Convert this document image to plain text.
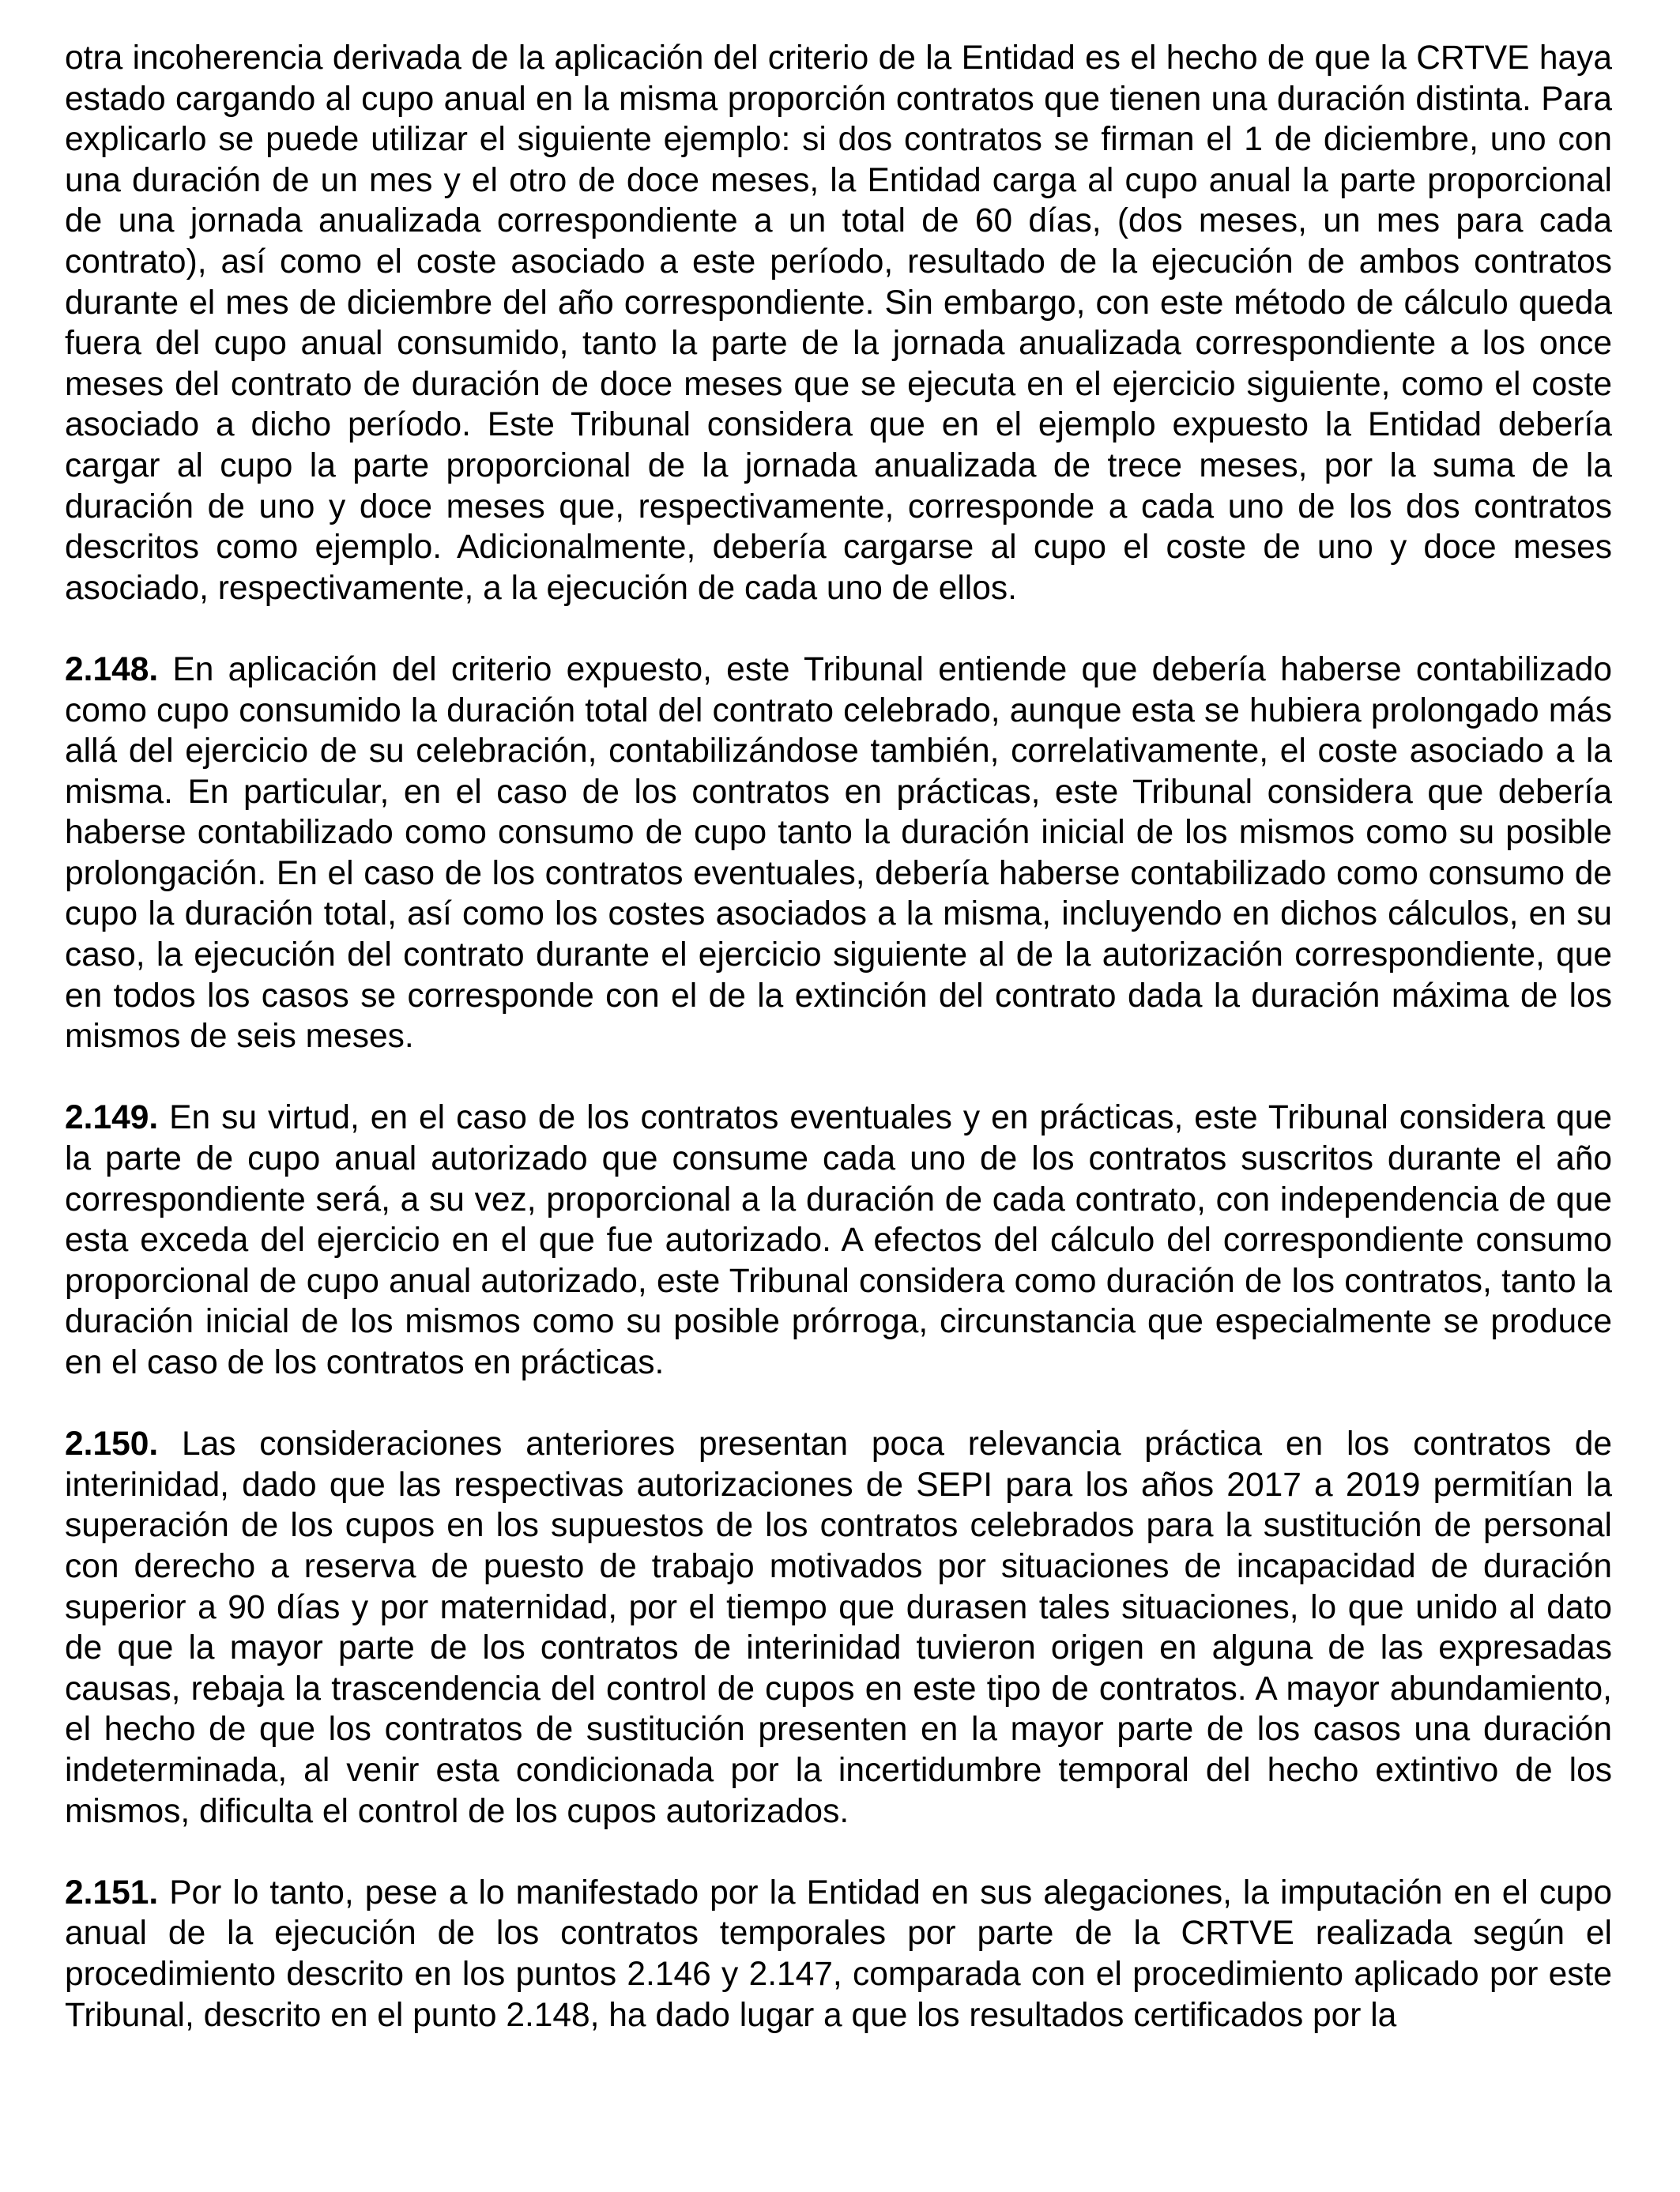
otra incoherencia derivada de la aplicación del criterio de la Entidad es el hecho de que la CRTVE haya estado cargando al cupo anual en la misma proporción contratos que tienen una duración distinta. Para explicarlo se puede utilizar el siguiente ejemplo: si dos contratos se firman el 1 de diciembre, uno con una duración de un mes y el otro de doce meses, la Entidad carga al cupo anual la parte proporcional de una jornada anualizada correspondiente a un total de 60 días, (dos meses, un mes para cada contrato), así como el coste asociado a este período, resultado de la ejecución de ambos contratos durante el mes de diciembre del año correspondiente. Sin embargo, con este método de cálculo queda fuera del cupo anual consumido, tanto la parte de la jornada anualizada correspondiente a los once meses del contrato de duración de doce meses que se ejecuta en el ejercicio siguiente, como el coste asociado a dicho período. Este Tribunal considera que en el ejemplo expuesto la Entidad debería cargar al cupo la parte proporcional de la jornada anualizada de trece meses, por la suma de la duración de uno y doce meses que, respectivamente, corresponde a cada uno de los dos contratos descritos como ejemplo. Adicionalmente, debería cargarse al cupo el coste de uno y doce meses asociado, respectivamente, a la ejecución de cada uno de ellos.

2.148. En aplicación del criterio expuesto, este Tribunal entiende que debería haberse contabilizado como cupo consumido la duración total del contrato celebrado, aunque esta se hubiera prolongado más allá del ejercicio de su celebración, contabilizándose también, correlativamente, el coste asociado a la misma. En particular, en el caso de los contratos en prácticas, este Tribunal considera que debería haberse contabilizado como consumo de cupo tanto la duración inicial de los mismos como su posible prolongación. En el caso de los contratos eventuales, debería haberse contabilizado como consumo de cupo la duración total, así como los costes asociados a la misma, incluyendo en dichos cálculos, en su caso, la ejecución del contrato durante el ejercicio siguiente al de la autorización correspondiente, que en todos los casos se corresponde con el de la extinción del contrato dada la duración máxima de los mismos de seis meses.

2.149. En su virtud, en el caso de los contratos eventuales y en prácticas, este Tribunal considera que la parte de cupo anual autorizado que consume cada uno de los contratos suscritos durante el año correspondiente será, a su vez, proporcional a la duración de cada contrato, con independencia de que esta exceda del ejercicio en el que fue autorizado. A efectos del cálculo del correspondiente consumo proporcional de cupo anual autorizado, este Tribunal considera como duración de los contratos, tanto la duración inicial de los mismos como su posible prórroga, circunstancia que especialmente se produce en el caso de los contratos en prácticas.

2.150. Las consideraciones anteriores presentan poca relevancia práctica en los contratos de interinidad, dado que las respectivas autorizaciones de SEPI para los años 2017 a 2019 permitían la superación de los cupos en los supuestos de los contratos celebrados para la sustitución de personal con derecho a reserva de puesto de trabajo motivados por situaciones de incapacidad de duración superior a 90 días y por maternidad, por el tiempo que durasen tales situaciones, lo que unido al dato de que la mayor parte de los contratos de interinidad tuvieron origen en alguna de las expresadas causas, rebaja la trascendencia del control de cupos en este tipo de contratos. A mayor abundamiento, el hecho de que los contratos de sustitución presenten en la mayor parte de los casos una duración indeterminada, al venir esta condicionada por la incertidumbre temporal del hecho extintivo de los mismos, dificulta el control de los cupos autorizados.

2.151. Por lo tanto, pese a lo manifestado por la Entidad en sus alegaciones, la imputación en el cupo anual de la ejecución de los contratos temporales por parte de la CRTVE realizada según el procedimiento descrito en los puntos 2.146 y 2.147, comparada con el procedimiento aplicado por este Tribunal, descrito en el punto 2.148, ha dado lugar a que los resultados certificados por la
